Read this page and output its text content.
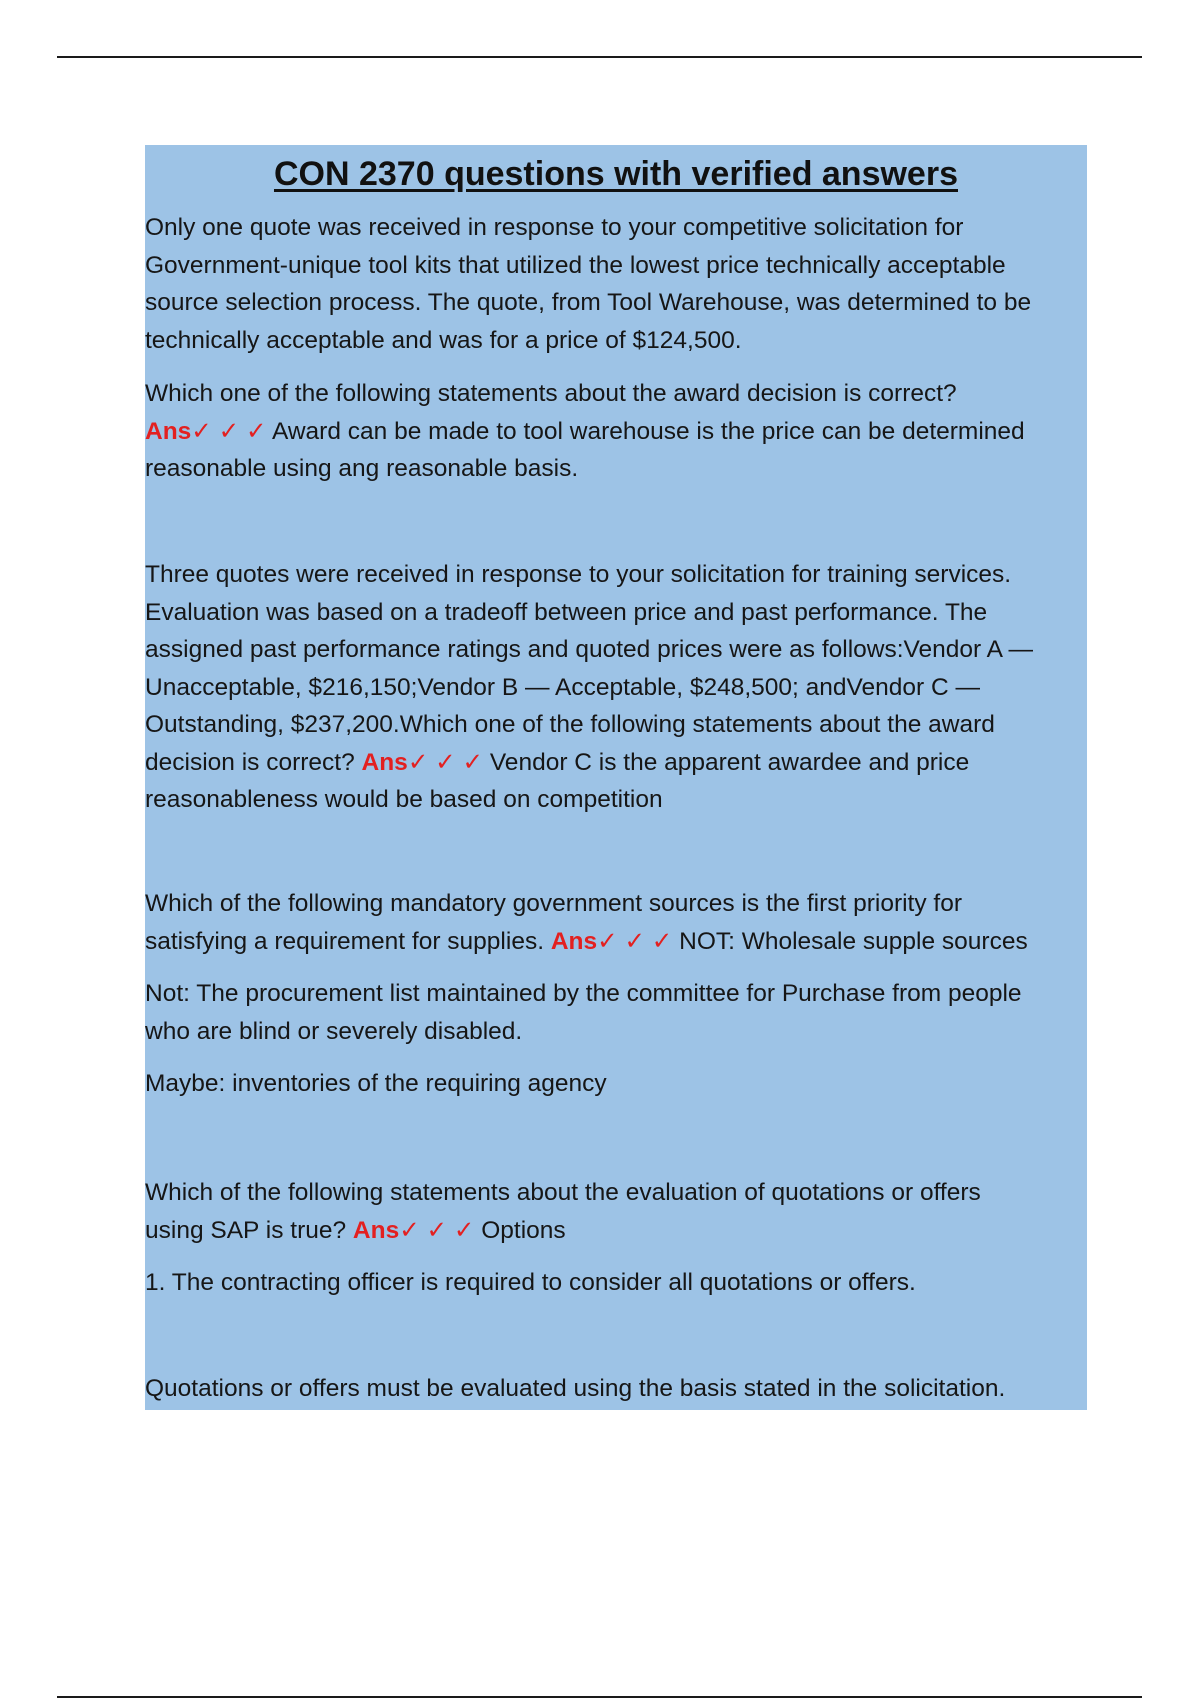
CON 2370 questions with verified answers
Only one quote was received in response to your competitive solicitation for
Government-unique tool kits that utilized the lowest price technically acceptable
source selection process. The quote, from Tool Warehouse, was determined to be
technically acceptable and was for a price of $124,500.
Which one of the following statements about the award decision is correct?
Ans✓ ✓ ✓ Award can be made to tool warehouse is the price can be determined
reasonable using ang reasonable basis.
Three quotes were received in response to your solicitation for training services.
Evaluation was based on a tradeoff between price and past performance. The
assigned past performance ratings and quoted prices were as follows:Vendor A —
Unacceptable, $216,150;Vendor B — Acceptable, $248,500; andVendor C —
Outstanding, $237,200.Which one of the following statements about the award
decision is correct? Ans✓ ✓ ✓ Vendor C is the apparent awardee and price
reasonableness would be based on competition
Which of the following mandatory government sources is the first priority for
satisfying a requirement for supplies. Ans✓ ✓ ✓ NOT: Wholesale supple sources
Not: The procurement list maintained by the committee for Purchase from people
who are blind or severely disabled.
Maybe: inventories of the requiring agency
Which of the following statements about the evaluation of quotations or offers
using SAP is true? Ans✓ ✓ ✓ Options
1. The contracting officer is required to consider all quotations or offers.
Quotations or offers must be evaluated using the basis stated in the solicitation.
